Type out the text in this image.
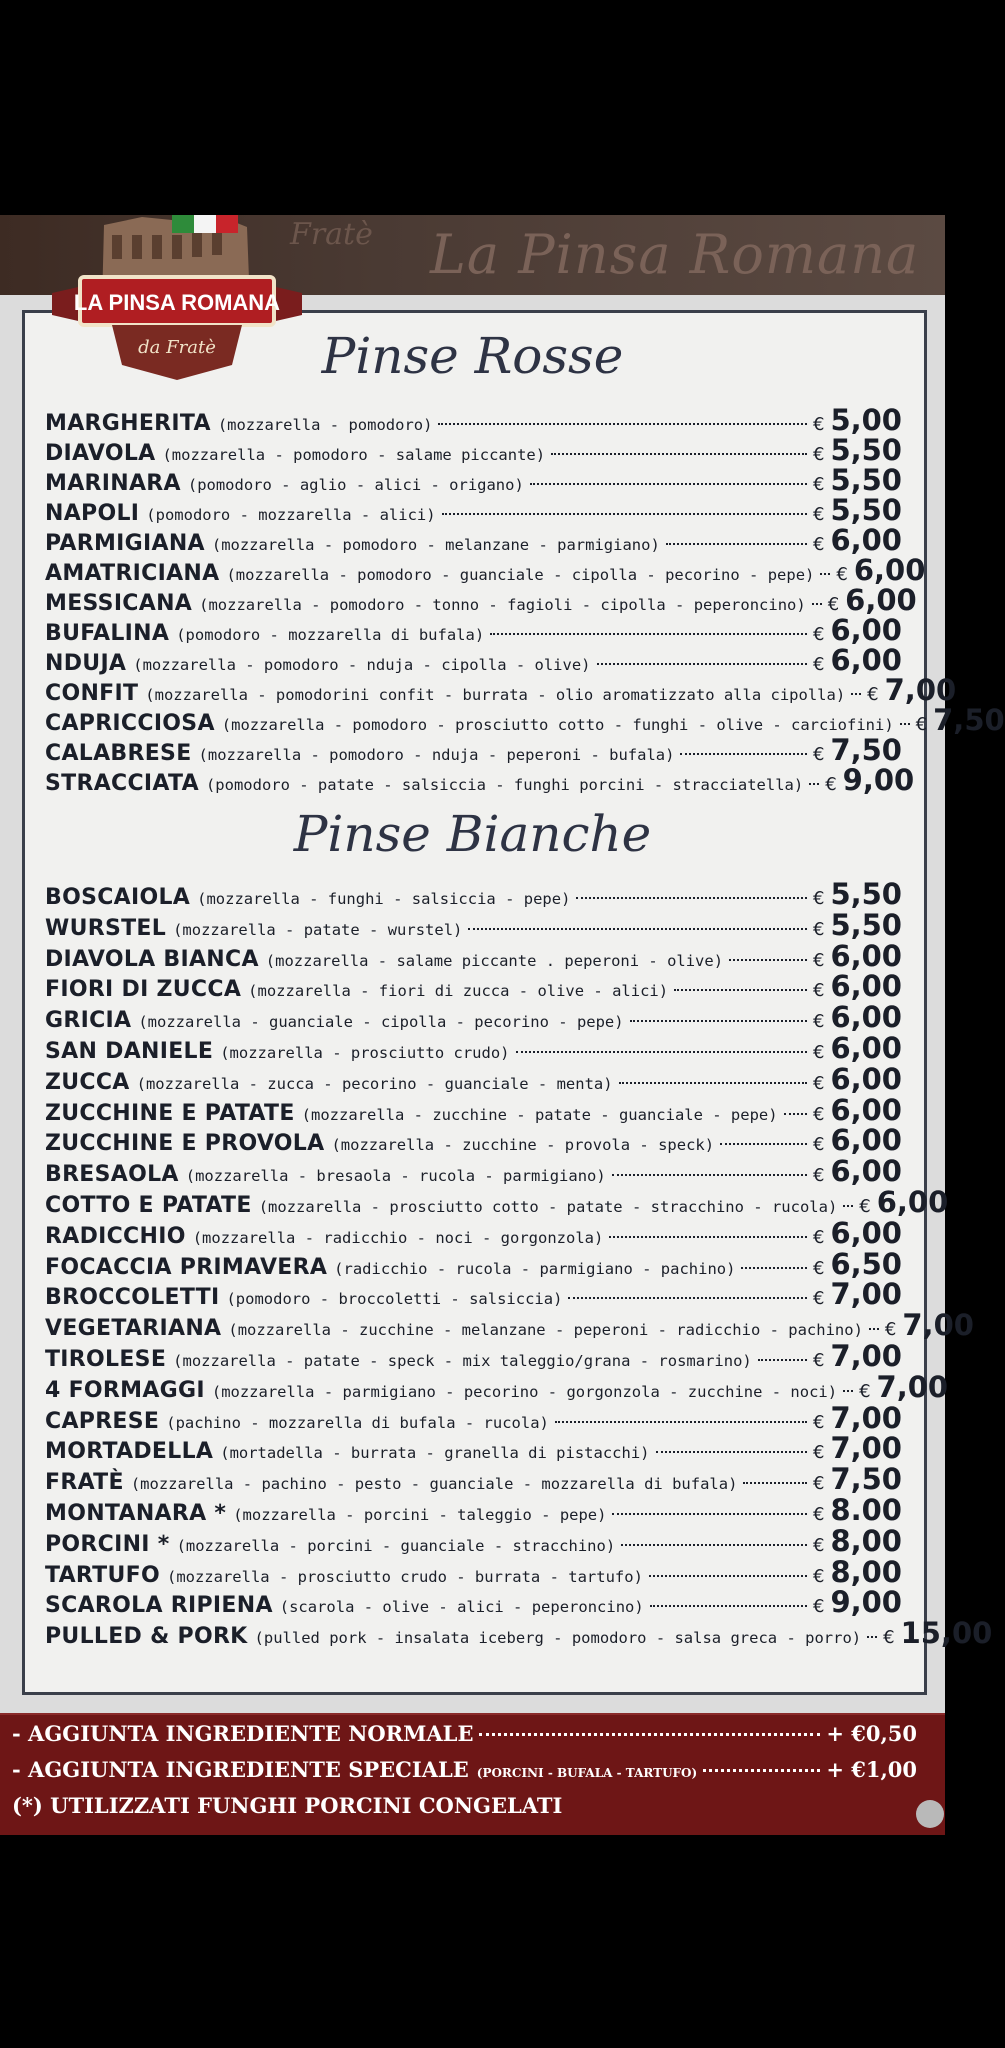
Fratè La Pinsa Romana
LA PINSA ROMANA
da Fratè	Pinse Rosse
MARGHERITA (mozzarella - pomodoro)	€ 5,00
DIAVOLA (mozzarella - pomodoro - salame piccante)	€ 5,50
MARINARA (pomodoro - aglio - alici - origano)	€ 5,50
NAPOLI (pomodoro - mozzarella - alici)	€ 5,50
PARMIGIANA (mozzarella - pomodoro - melanzane - parmigiano)	€ 6,00
AMATRICIANA (mozzarella - pomodoro - guanciale - cipolla - pecorino - pepe) € 6,00
MESSICANA (mozzarella - pomodoro - tonno - fagioli - cipolla - peperoncino) € 6,00
BUFALINA (pomodoro - mozzarella di bufala)	€ 6,00
NDUJA (mozzarella - pomodoro - nduja - cipolla - olive)	€ 6,00
CONFIT (mozzarella - pomodorini confit - burrata - olio aromatizzato alla cipolla) € 7,00
CAPRICCIOSA (mozzarella - pomodoro - prosciutto cotto - funghi - olive - carciofini) € 7,50
CALABRESE (mozzarella - pomodoro - nduja - peperoni - bufala)	€ 7,50
STRACCIATA (pomodoro - patate - salsiccia - funghi porcini - stracciatella) € 9,00
Pinse Bianche
BOSCAIOLA (mozzarella - funghi - salsiccia - pepe)	€ 5,50
WURSTEL (mozzarella - patate - wurstel)	€ 5,50
DIAVOLA BIANCA (mozzarella - salame piccante . peperoni - olive)	€ 6,00
FIORI DI ZUCCA (mozzarella - fiori di zucca - olive - alici)	€ 6,00
GRICIA (mozzarella - guanciale - cipolla - pecorino - pepe)	€ 6,00
SAN DANIELE (mozzarella - prosciutto crudo)	€ 6,00
ZUCCA (mozzarella - zucca - pecorino - guanciale - menta)	€ 6,00
ZUCCHINE E PATATE (mozzarella - zucchine - patate - guanciale - pepe) € 6,00
ZUCCHINE E PROVOLA (mozzarella - zucchine - provola - speck)	€ 6,00
BRESAOLA (mozzarella - bresaola - rucola - parmigiano)	€ 6,00
COTTO E PATATE (mozzarella - prosciutto cotto - patate - stracchino - rucola) € 6,00
RADICCHIO (mozzarella - radicchio - noci - gorgonzola)	€ 6,00
FOCACCIA PRIMAVERA (radicchio - rucola - parmigiano - pachino)	€ 6,50
BROCCOLETTI (pomodoro - broccoletti - salsiccia)	€ 7,00
VEGETARIANA (mozzarella - zucchine - melanzane - peperoni - radicchio - pachino) € 7,00
TIROLESE (mozzarella - patate - speck - mix taleggio/grana - rosmarino)	€ 7,00
4 FORMAGGI (mozzarella - parmigiano - pecorino - gorgonzola - zucchine - noci) € 7,00
CAPRESE (pachino - mozzarella di bufala - rucola)	€ 7,00
MORTADELLA (mortadella - burrata - granella di pistacchi)	€ 7,00
FRATÈ (mozzarella - pachino - pesto - guanciale - mozzarella di bufala)	€ 7,50
MONTANARA * (mozzarella - porcini - taleggio - pepe)	€ 8.00
PORCINI * (mozzarella - porcini - guanciale - stracchino)	€ 8,00
TARTUFO (mozzarella - prosciutto crudo - burrata - tartufo)	€ 8,00
SCAROLA RIPIENA (scarola - olive - alici - peperoncino)	€ 9,00
PULLED & PORK (pulled pork - insalata iceberg - pomodoro - salsa greca - porro) € 15,00
- AGGIUNTA INGREDIENTE NORMALE	+ €0,50
- AGGIUNTA INGREDIENTE SPECIALE (PORCINI - BUFALA - TARTUFO)	+ €1,00
(*) UTILIZZATI FUNGHI PORCINI CONGELATI
